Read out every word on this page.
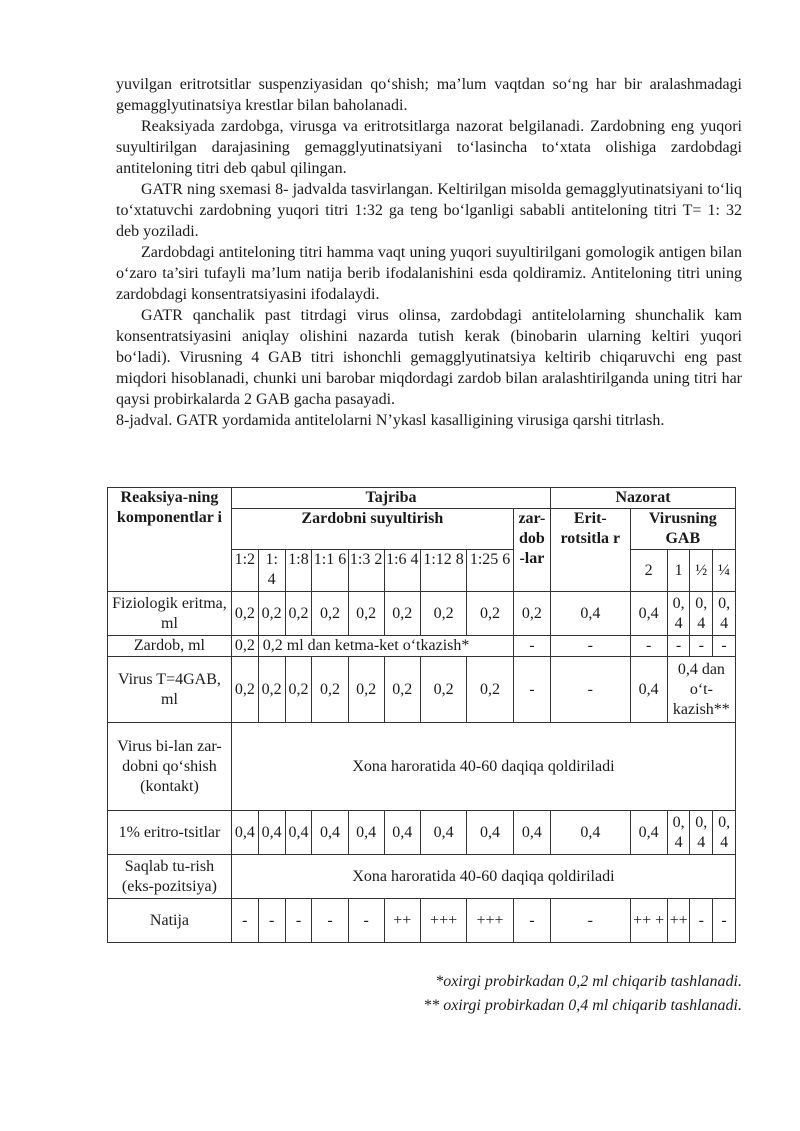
yuvilgan eritrotsitlar suspenziyasidan qo‘shish; ma’lum vaqtdan so‘ng har bir aralashmadagi gemagglyutinatsiya krestlar bilan baholanadi.

Reaksiyada zardobga, virusga va eritrotsitlarga nazorat belgilanadi. Zardobning eng yuqori suyultirilgan darajasining gemagglyutinatsiyani to‘lasincha to‘xtata olishiga zardobdagi antiteloning titri deb qabul qilingan.

GATR ning sxemasi 8- jadvalda tasvirlangan. Keltirilgan misolda gemagglyutinatsiyani to‘liq to‘xtatuvchi zardobning yuqori titri 1:32 ga teng bo‘lganligi sababli antiteloning titri T= 1: 32 deb yoziladi.

Zardobdagi antiteloning titri hamma vaqt uning yuqori suyultirilgani gomologik antigen bilan o‘zaro ta’siri tufayli ma’lum natija berib ifodalanishini esda qoldiramiz. Antiteloning titri uning zardobdagi konsentratsiyasini ifodalaydi.

GATR qanchalik past titrdagi virus olinsa, zardobdagi antitelolarning shunchalik kam konsentratsiyasini aniqlay olishini nazarda tutish kerak (binobarin ularning keltiri yuqori bo‘ladi). Virusning 4 GAB titri ishonchli gemagglyutinatsiya keltirib chiqaruvchi eng past miqdori hisoblanadi, chunki uni barobar miqdordagi zardob bilan aralashtirilganda uning titri har qaysi probirkalarda 2 GAB gacha pasayadi.

8-jadval. GATR yordamida antitelolarni N’ykasl kasalligining virusiga qarshi titrlash.

Reaksiya-ning komponentlar i	Tajriba									Nazorat				
	Zardobni suyultirish								zar-dob -lar	Erit-rotsitla r	Virusning GAB			
	1:2	1: 4	1:8	1:1 6	1:3 2	1:6 4	1:12 8	1:25 6			2	1	½	¼
Fiziologik eritma, ml	0,2	0,2	0,2	0,2	0,2	0,2	0,2	0,2	0,2	0,4	0,4	0, 4	0, 4	0, 4
Zardob, ml	0,2	0,2 ml dan ketma-ket o‘tkazish*							-	-	-	-	-	-
Virus T=4GAB, ml	0,2	0,2	0,2	0,2	0,2	0,2	0,2	0,2	-	-	0,4	0,4 dan o‘t-kazish**		
Virus bi-lan zar-dobni qo‘shish (kontakt)	Xona haroratida 40-60 daqiqa qoldiriladi													
1% eritro-tsitlar	0,4	0,4	0,4	0,4	0,4	0,4	0,4	0,4	0,4	0,4	0,4	0, 4	0, 4	0, 4
Saqlab tu-rish (eks-pozitsiya)	Xona haroratida 40-60 daqiqa qoldiriladi													
Natija	-	-	-	-	-	++	+++	+++	-	-	++ +	++	-	-
*oxirgi probirkadan 0,2 ml chiqarib tashlanadi.
** oxirgi probirkadan 0,4 ml chiqarib tashlanadi.
